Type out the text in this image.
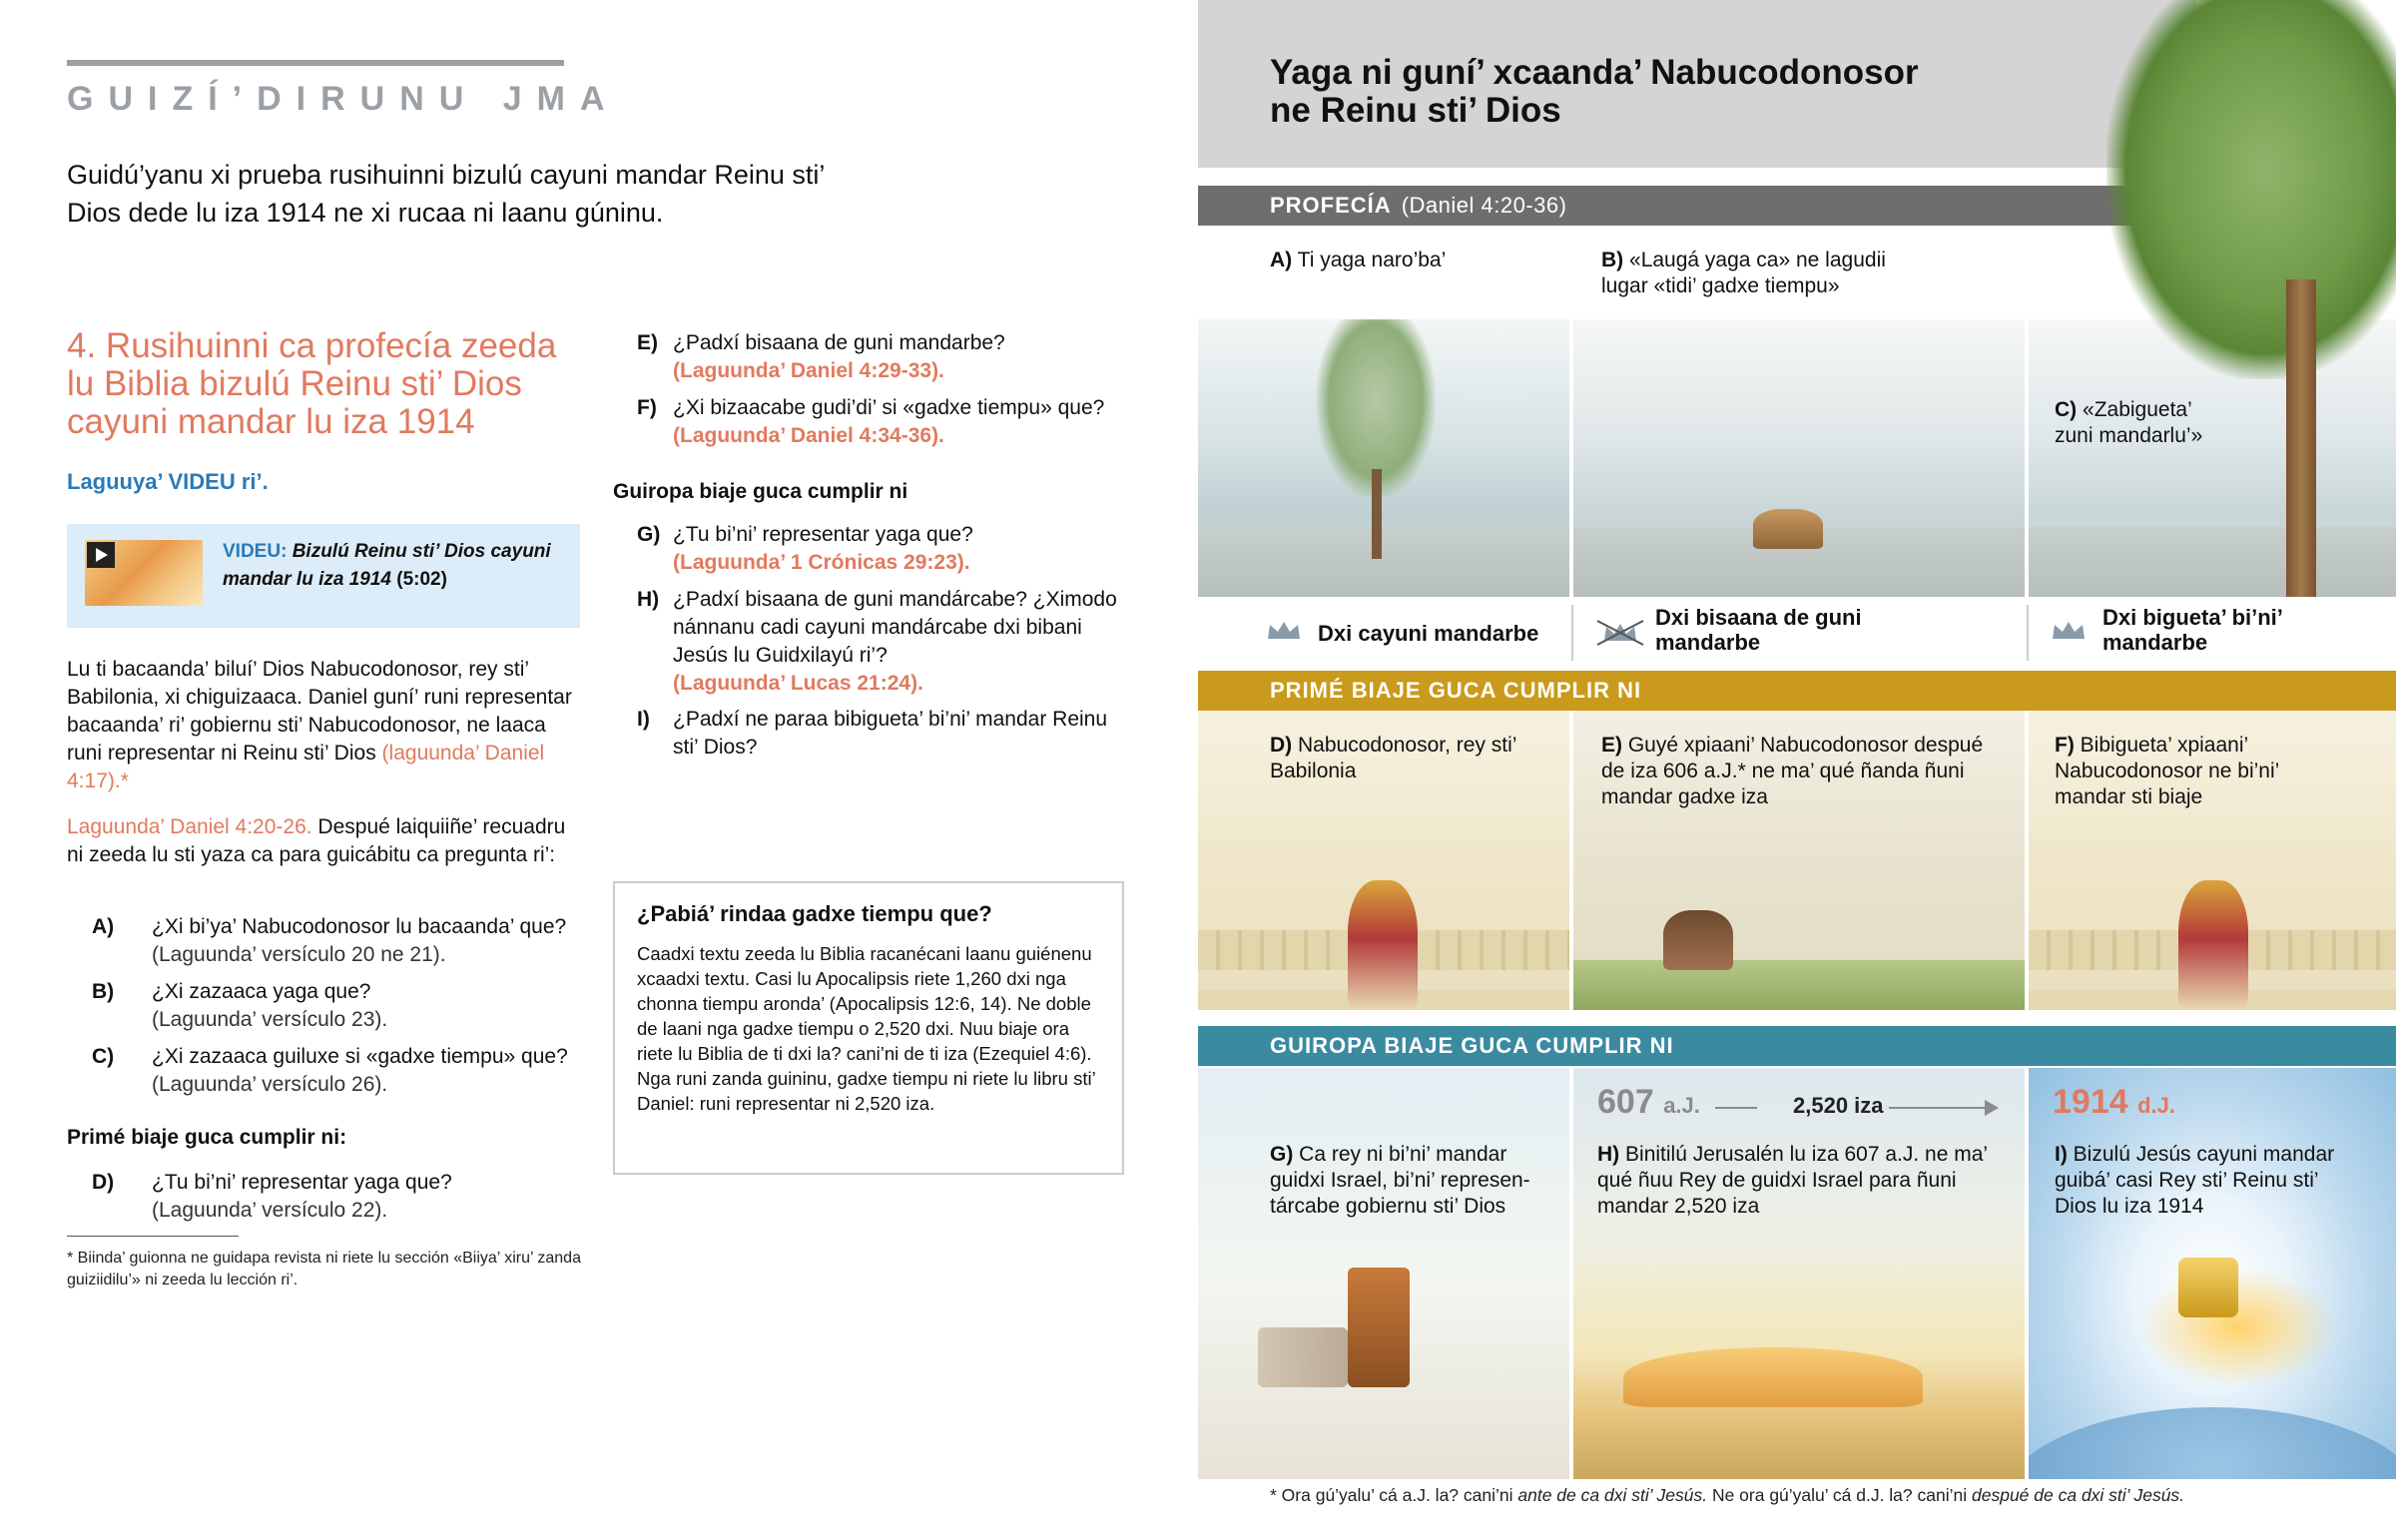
GUIZÍ’DIRUNU JMA
Guidú’yanu xi prueba rusihuinni bizulú cayuni mandar Reinu sti’ Dios dede lu iza 1914 ne xi rucaa ni laanu gúninu.
4. Rusihuinni ca profecía zeeda lu Biblia bizulú Reinu sti’ Dios cayuni mandar lu iza 1914
Laguuya’ VIDEU ri’.
VIDEU: Bizulú Reinu sti’ Dios cayuni mandar lu iza 1914 (5:02)
Lu ti bacaanda’ biluí’ Dios Nabucodonosor, rey sti’ Babilonia, xi chiguizaaca. Daniel guní’ runi representar bacaanda’ ri’ gobiernu sti’ Nabucodonosor, ne laaca runi representar ni Reinu sti’ Dios (laguunda’ Daniel 4:17).*
Laguunda’ Daniel 4:20-26. Despué laiquiiñe’ recuadru ni zeeda lu sti yaza ca para guicábitu ca pregunta ri’:
A) ¿Xi bi’ya’ Nabucodonosor lu bacaanda’ que?
(Laguunda’ versículo 20 ne 21).
B) ¿Xi zazaaca yaga que?
(Laguunda’ versículo 23).
C) ¿Xi zazaaca guiluxe si «gadxe tiempu» que?
(Laguunda’ versículo 26).
Primé biaje guca cumplir ni:
D) ¿Tu bi’ni’ representar yaga que?
(Laguunda’ versículo 22).
* Biinda’ guionna ne guidapa revista ni riete lu sección «Biiya’ xiru’ zanda guiziidilu’» ni zeeda lu lección ri’.
E) ¿Padxí bisaana de guni mandarbe?
(Laguunda’ Daniel 4:29-33).
F) ¿Xi bizaacabe gudi’di’ si «gadxe tiempu» que? (Laguunda’ Daniel 4:34-36).
Guiropa biaje guca cumplir ni
G) ¿Tu bi’ni’ representar yaga que?
(Laguunda’ 1 Crónicas 29:23).
H) ¿Padxí bisaana de guni mandárcabe? ¿Ximodo nánnanu cadi cayuni mandárcabe dxi bibani Jesús lu Guidxilayú ri’?
(Laguunda’ Lucas 21:24).
I) ¿Padxí ne paraa bibigueta’ bi’ni’ mandar Reinu sti’ Dios?
¿Pabiá’ rindaa gadxe tiempu que?
Caadxi textu zeeda lu Biblia racanécani laanu guiénenu xcaadxi textu. Casi lu Apocalipsis riete 1,260 dxi nga chonna tiempu aronda’ (Apocalipsis 12:6, 14). Ne doble de laani nga gadxe tiempu o 2,520 dxi. Nuu biaje ora riete lu Biblia de ti dxi la? cani’ni de ti iza (Ezequiel 4:6). Nga runi zanda guininu, gadxe tiempu ni riete lu libru sti’ Daniel: runi representar ni 2,520 iza.
Yaga ni guní’ xcaanda’ Nabucodonosor ne Reinu sti’ Dios
PROFECÍA (Daniel 4:20-36)
A) Ti yaga naro’ba’	B) «Laugá yaga ca» ne lagudii lugar «tidi’ gadxe tiempu»
C) «Zabigueta’ zuni mandarlu’»
Dxi cayuni mandarbe
Dxi bisaana de guni mandarbe
Dxi bigueta’ bi’ni’ mandarbe
PRIMÉ BIAJE GUCA CUMPLIR NI
D) Nabucodonosor, rey sti’ Babilonia
E) Guyé xpiaani’ Nabucodonosor despué de iza 606 a.J.* ne ma’ qué ñanda ñuni mandar gadxe iza
F) Bibigueta’ xpiaani’ Nabucodonosor ne bi’ni’ mandar sti biaje
GUIROPA BIAJE GUCA CUMPLIR NI
607 a.J.	2,520 iza	1914 d.J.
G) Ca rey ni bi’ni’ mandar guidxi Israel, bi’ni’ represen-tárcabe gobiernu sti’ Dios
H) Binitilú Jerusalén lu iza 607 a.J. ne ma’ qué ñuu Rey de guidxi Israel para ñuni mandar 2,520 iza
I) Bizulú Jesús cayuni mandar guibá’ casi Rey sti’ Reinu sti’ Dios lu iza 1914
* Ora gú’yalu’ cá a.J. la? cani’ni ante de ca dxi sti’ Jesús. Ne ora gú’yalu’ cá d.J. la? cani’ni despué de ca dxi sti’ Jesús.
